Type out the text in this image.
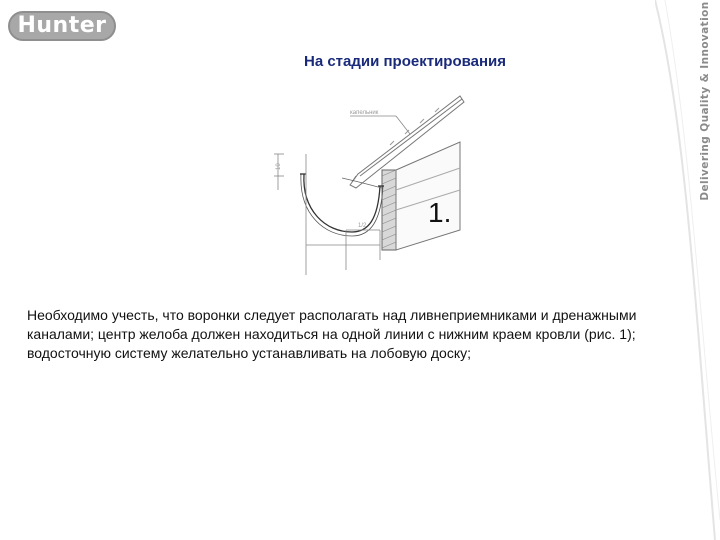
Hunter	Delivering Quality & Innovation
На стадии проектирования
капельник
10
1/2 1.

Необходимо учесть, что воронки следует располагать над ливнеприемниками и дренажными каналами; центр желоба должен находиться на одной линии с нижним краем кровли (рис. 1);

водосточную систему желательно устанавливать на лобовую доску;
